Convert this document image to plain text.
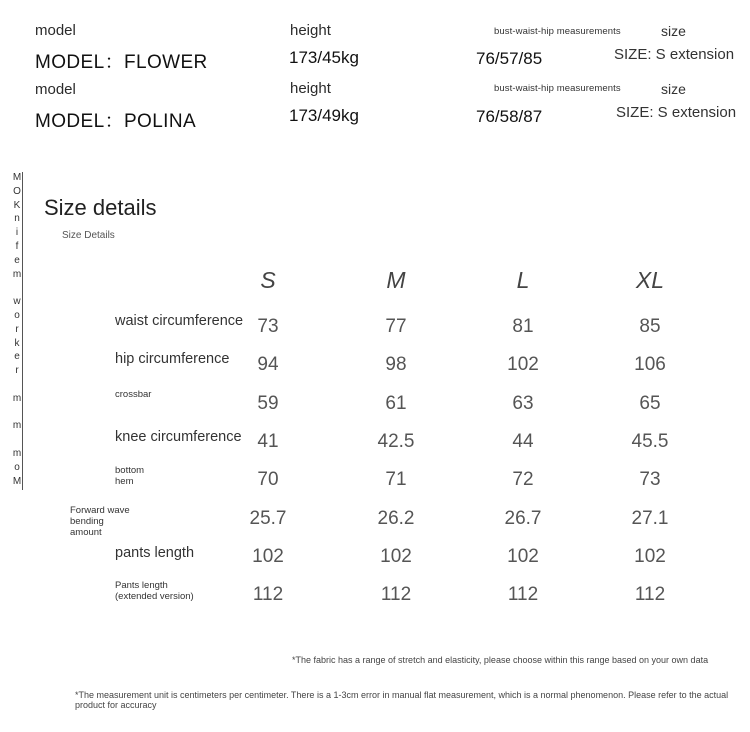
model	height	bust-waist-hip measurements	size
MODEL：FLOWER	173/45kg	76/57/85	SIZE: S extension
model	height	bust-waist-hip measurements	size
MODEL：POLINA	173/49kg	76/58/87	SIZE: S extension
M
O
K
n
i
f
e
m
w
o
r
k
e
r
m
m
m
o
M
Size details
Size Details
S	M	L	XL
waist circumference 73	77	81	85
hip circumference	94	98	102	106
crossbar	59	61	63	65
knee circumference 41	42.5	44	45.5
bottom
hem	70	71	72	73
Forward wave
bending
amount
25.7	26.2	26.7	27.1
pants length	102	102	102	102
Pants length
(extended version)	112	112	112	112
*The fabric has a range of stretch and elasticity, please choose within this range based on your own data
*The measurement unit is centimeters per centimeter. There is a 1-3cm error in manual flat measurement, which is a normal phenomenon. Please refer to the actual product for accuracy
